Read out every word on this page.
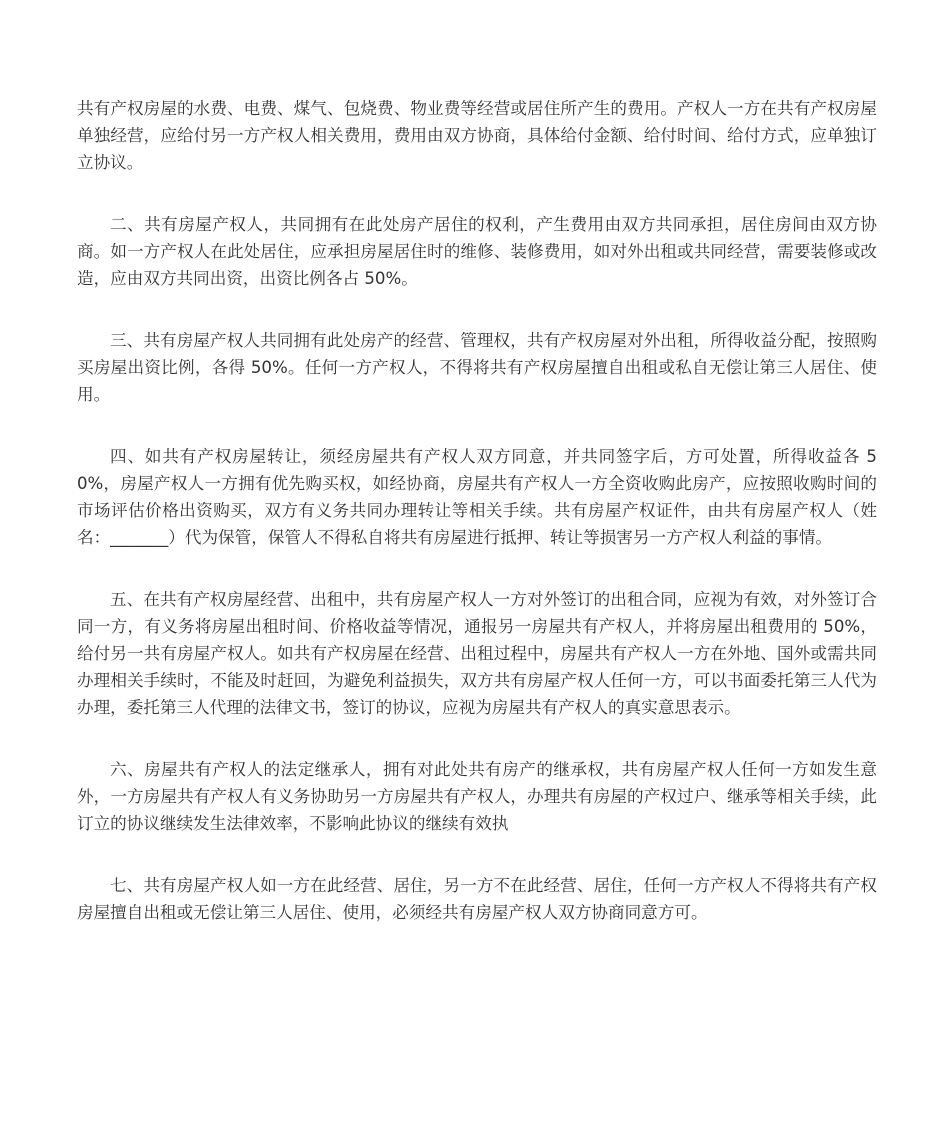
共有产权房屋的水费、电费、煤气、包烧费、物业费等经营或居住所产生的费用。产权人一方在共有产权房屋单独经营，应给付另一方产权人相关费用，费用由双方协商，具体给付金额、给付时间、给付方式，应单独订立协议。

二、共有房屋产权人，共同拥有在此处房产居住的权利，产生费用由双方共同承担，居住房间由双方协商。如一方产权人在此处居住，应承担房屋居住时的维修、装修费用，如对外出租或共同经营，需要装修或改造，应由双方共同出资，出资比例各占 50%。

三、共有房屋产权人共同拥有此处房产的经营、管理权，共有产权房屋对外出租，所得收益分配，按照购买房屋出资比例，各得 50%。任何一方产权人，不得将共有产权房屋擅自出租或私自无偿让第三人居住、使用。

四、如共有产权房屋转让，须经房屋共有产权人双方同意，并共同签字后，方可处置，所得收益各 50%，房屋产权人一方拥有优先购买权，如经协商，房屋共有产权人一方全资收购此房产，应按照收购时间的市场评估价格出资购买，双方有义务共同办理转让等相关手续。共有房屋产权证件，由共有房屋产权人（姓名：_______）代为保管，保管人不得私自将共有房屋进行抵押、转让等损害另一方产权人利益的事情。

五、在共有产权房屋经营、出租中，共有房屋产权人一方对外签订的出租合同，应视为有效，对外签订合同一方，有义务将房屋出租时间、价格收益等情况，通报另一房屋共有产权人，并将房屋出租费用的 50%，给付另一共有房屋产权人。如共有产权房屋在经营、出租过程中，房屋共有产权人一方在外地、国外或需共同办理相关手续时，不能及时赶回，为避免利益损失，双方共有房屋产权人任何一方，可以书面委托第三人代为办理，委托第三人代理的法律文书，签订的协议，应视为房屋共有产权人的真实意思表示。

六、房屋共有产权人的法定继承人，拥有对此处共有房产的继承权，共有房屋产权人任何一方如发生意外，一方房屋共有产权人有义务协助另一方房屋共有产权人，办理共有房屋的产权过户、继承等相关手续，此订立的协议继续发生法律效率，不影响此协议的继续有效执

七、共有房屋产权人如一方在此经营、居住，另一方不在此经营、居住，任何一方产权人不得将共有产权房屋擅自出租或无偿让第三人居住、使用，必须经共有房屋产权人双方协商同意方可。
